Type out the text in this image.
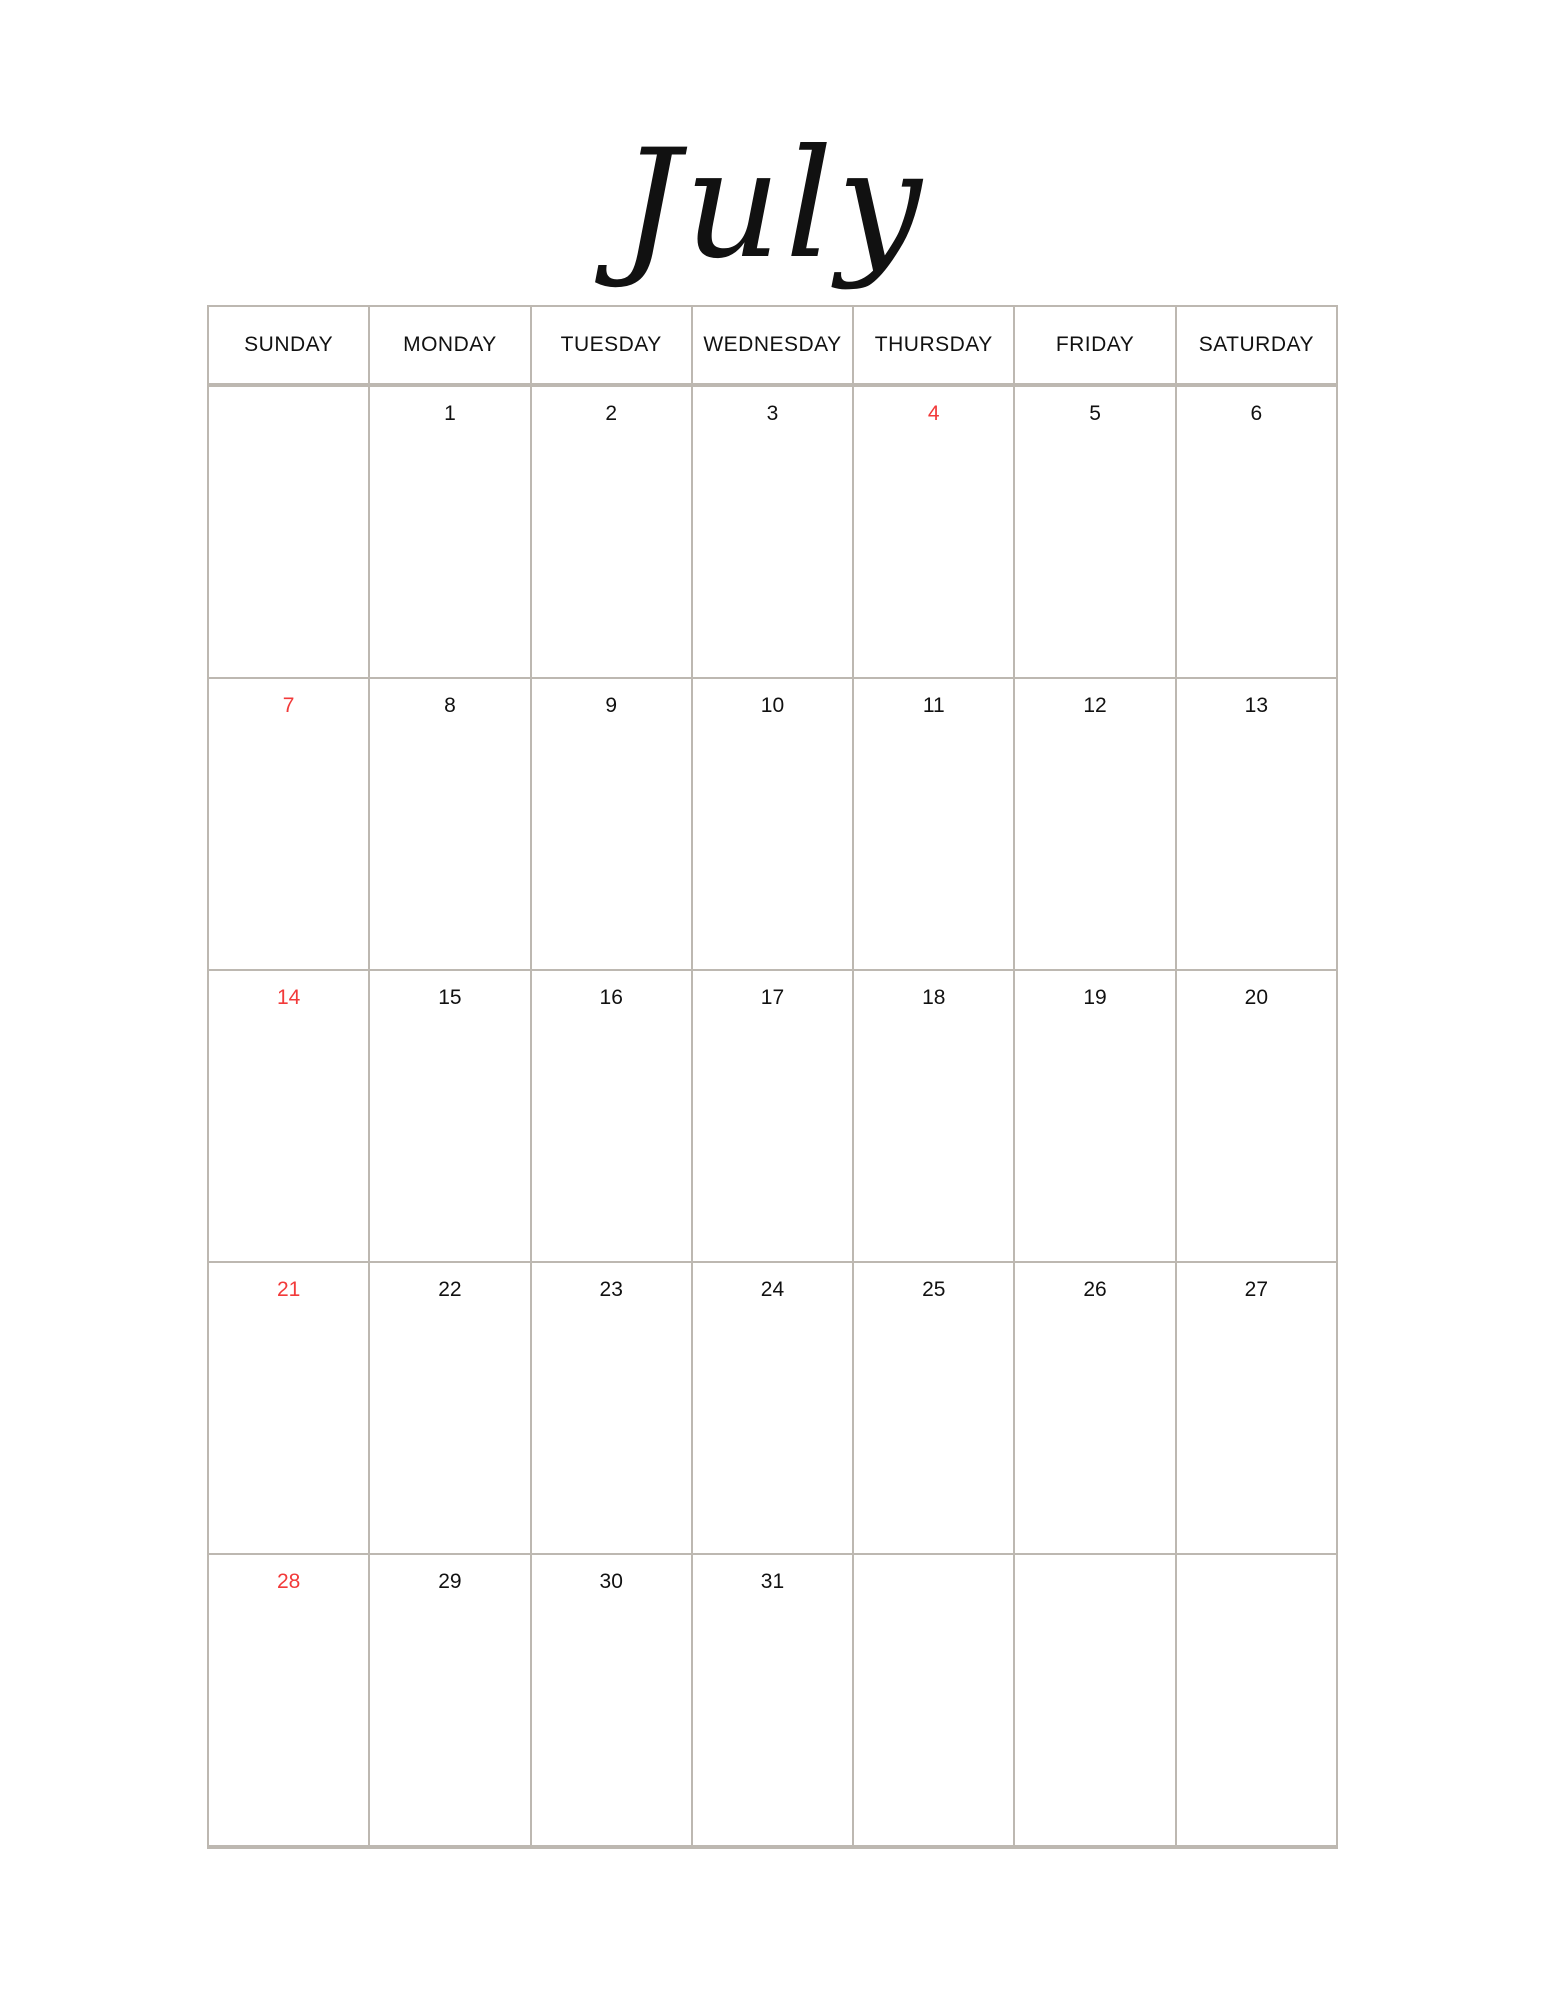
July
SUNDAY	MONDAY	TUESDAY	WEDNESDAY	THURSDAY	FRIDAY	SATURDAY

	1	2	3	4	5	6

7	8	9	10	11	12	13

14	15	16	17	18	19	20

21	22	23	24	25	26	27

28	29	30	31			
